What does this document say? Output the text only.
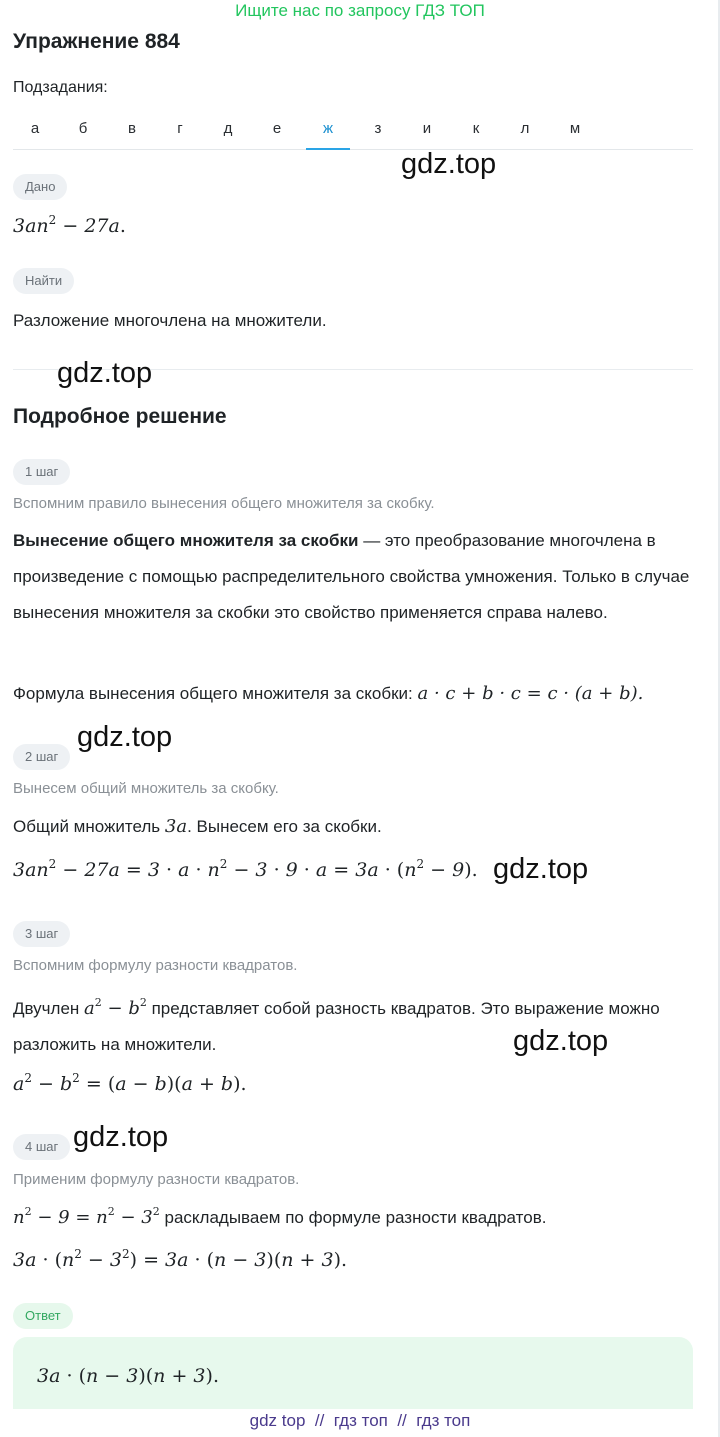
Ищите нас по запросу ГДЗ ТОП
Упражнение 884
Подзадания:
а	б	в	г	д	е	ж	з	и	к	л	м
gdz.top
Дано
$3an^2 - 27a$.
Найти
Разложение многочлена на множители.
gdz.top
Подробное решение
1 шаг
Вспомним правило вынесения общего множителя за скобку.
Вынесение общего множителя за скобки — это преобразование многочлена в произведение с помощью распределительного свойства умножения. Только в случае вынесения множителя за скобки это свойство применяется справа налево.
Формула вынесения общего множителя за скобки: a · c + b · c = c · (a + b).
gdz.top
2 шаг
Вынесем общий множитель за скобку.
Общий множитель 3a. Вынесем его за скобки.
$3an^2 - 27a = 3 \cdot a \cdot n^2 - 3 \cdot 9 \cdot a = 3a \cdot (n^2 - 9)$. gdz.top
3 шаг
Вспомним формулу разности квадратов.
Двучлен $a^2 - b^2$ представляет собой разность квадратов. Это выражение можно разложить на множители.	gdz.top
$a^2 - b^2 = (a - b)(a + b)$.
4 шаг gdz.top
Применим формулу разности квадратов.
$n^2 - 9 = n^2 - 3^2$ раскладываем по формуле разности квадратов.
$3a \cdot (n^2 - 3^2) = 3a \cdot (n - 3)(n + 3)$.
Ответ
3a · (n − 3)(n + 3).
gdz top  //  гдз топ  //  гдз топ
